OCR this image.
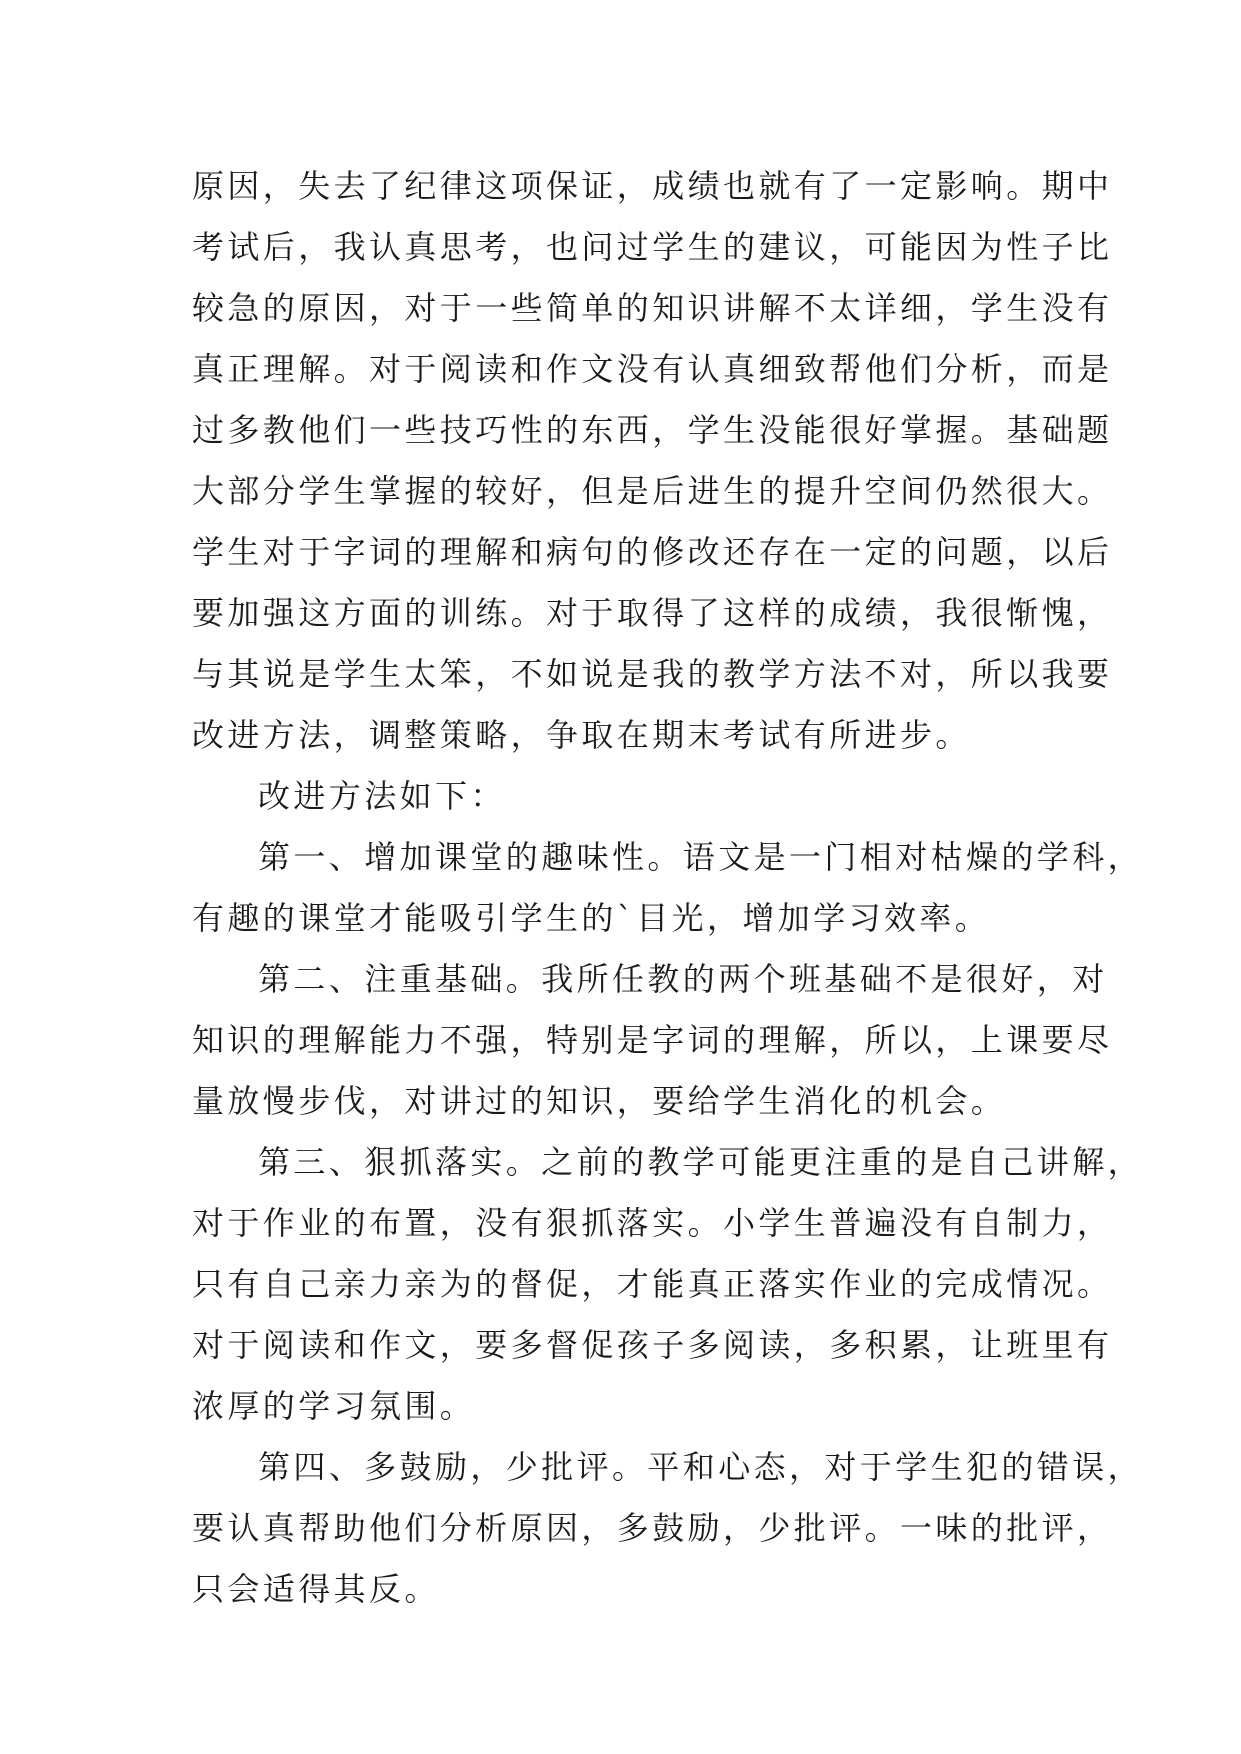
原因，失去了纪律这项保证，成绩也就有了一定影响。期中
考试后，我认真思考，也问过学生的建议，可能因为性子比
较急的原因，对于一些简单的知识讲解不太详细，学生没有
真正理解。对于阅读和作文没有认真细致帮他们分析，而是
过多教他们一些技巧性的东西，学生没能很好掌握。基础题
大部分学生掌握的较好，但是后进生的提升空间仍然很大。
学生对于字词的理解和病句的修改还存在一定的问题，以后
要加强这方面的训练。对于取得了这样的成绩，我很惭愧，
与其说是学生太笨，不如说是我的教学方法不对，所以我要
改进方法，调整策略，争取在期末考试有所进步。
改进方法如下：
第一、增加课堂的趣味性。语文是一门相对枯燥的学科，
有趣的课堂才能吸引学生的`目光，增加学习效率。
第二、注重基础。我所任教的两个班基础不是很好，对
知识的理解能力不强，特别是字词的理解，所以，上课要尽
量放慢步伐，对讲过的知识，要给学生消化的机会。
第三、狠抓落实。之前的教学可能更注重的是自己讲解，
对于作业的布置，没有狠抓落实。小学生普遍没有自制力，
只有自己亲力亲为的督促，才能真正落实作业的完成情况。
对于阅读和作文，要多督促孩子多阅读，多积累，让班里有
浓厚的学习氛围。
第四、多鼓励，少批评。平和心态，对于学生犯的错误，
要认真帮助他们分析原因，多鼓励，少批评。一味的批评，
只会适得其反。
